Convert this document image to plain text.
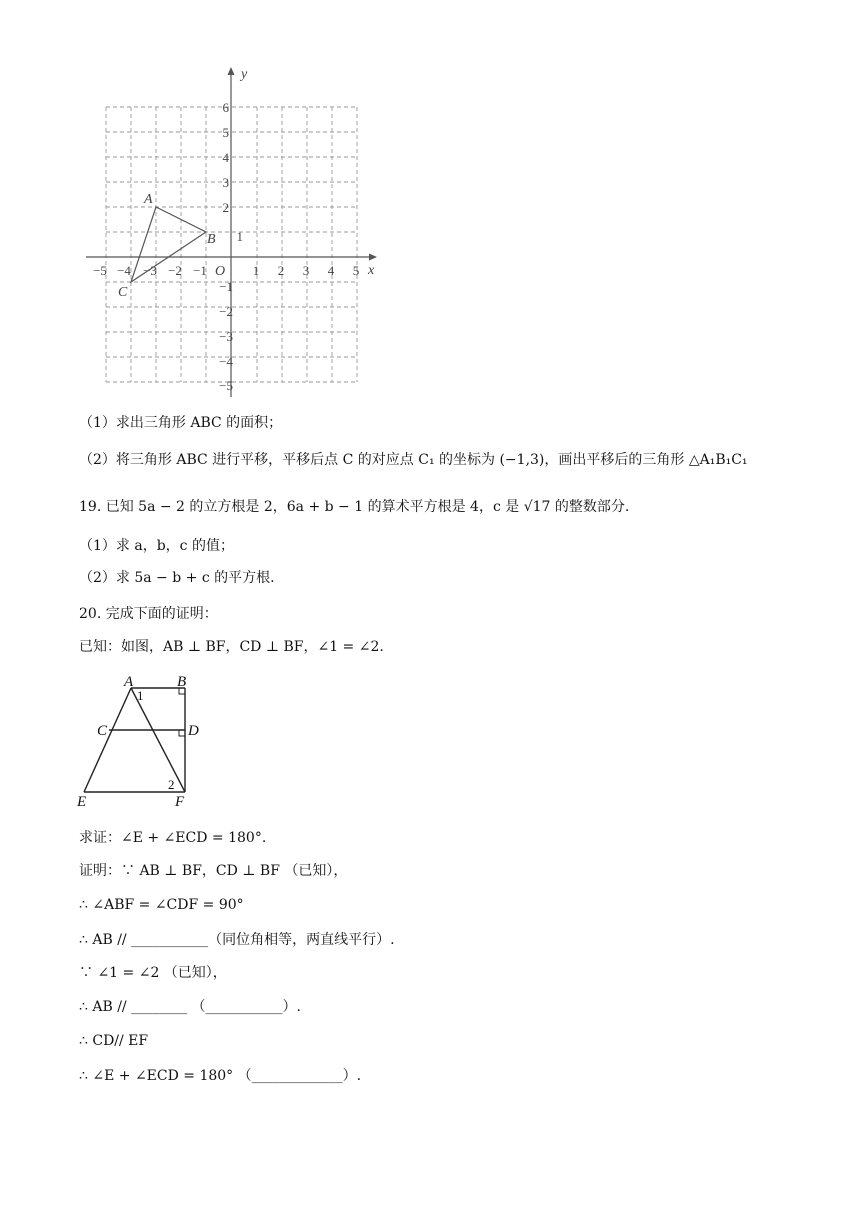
x
y
O
−5 −4 −3 −2 −1	1 2 3 4 5
6
5
4
3
2
1
−1
−2
−3
−4
−5
A
B
C
（1）求出三角形 ABC 的面积；
（2）将三角形 ABC 进行平移，平移后点 C 的对应点 C₁ 的坐标为 (−1,3)，画出平移后的三角形 △A₁B₁C₁
19. 已知 5a − 2 的立方根是 2，6a + b − 1 的算术平方根是 4，c 是 √17 的整数部分.
（1）求 a，b，c 的值；
（2）求 5a − b + c 的平方根.
20. 完成下面的证明：
已知：如图，AB ⊥ BF，CD ⊥ BF，∠1 = ∠2.
A	B
C	D
E	F
1
2
求证：∠E + ∠ECD = 180°.
证明：∵ AB ⊥ BF，CD ⊥ BF （已知），
∴ ∠ABF = ∠CDF = 90°
∴ AB // ___________（同位角相等，两直线平行）.
∵ ∠1 = ∠2 （已知），
∴ AB // ________ （___________）.
∴ CD// EF
∴ ∠E + ∠ECD = 180° （_____________）.
